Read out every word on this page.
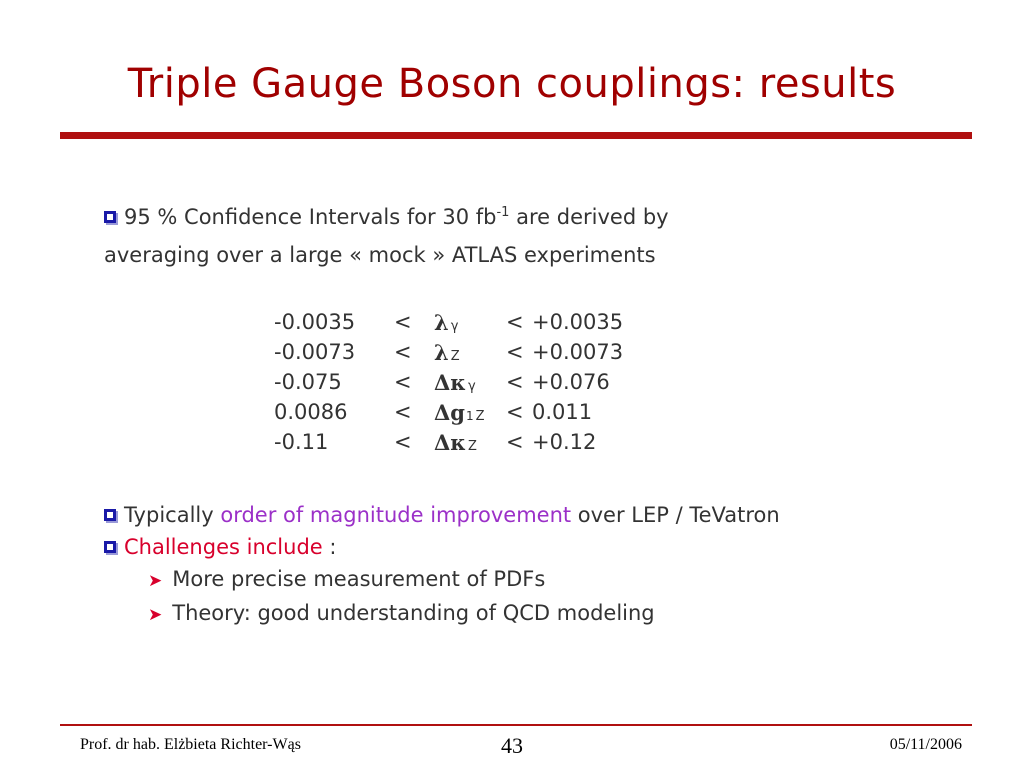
Triple Gauge Boson couplings: results
95 % Confidence Intervals for 30 $fb^{-1}$ are derived by
averaging over a large « mock » ATLAS experiments
-0.0035 < λγ < +0.0035
-0.0073 < λ Z < +0.0073
-0.075 < Δκ γ < +0.076
0.0086 < Δg1 Z < 0.011
-0.11	< Δκ Z < +0.12
Typically order of magnitude improvement over LEP / TeVatron
Challenges include :
➤ More precise measurement of PDFs
➤ Theory: good understanding of QCD modeling
Prof. dr hab. Elżbieta Richter-Wąs	43	05/11/2006
